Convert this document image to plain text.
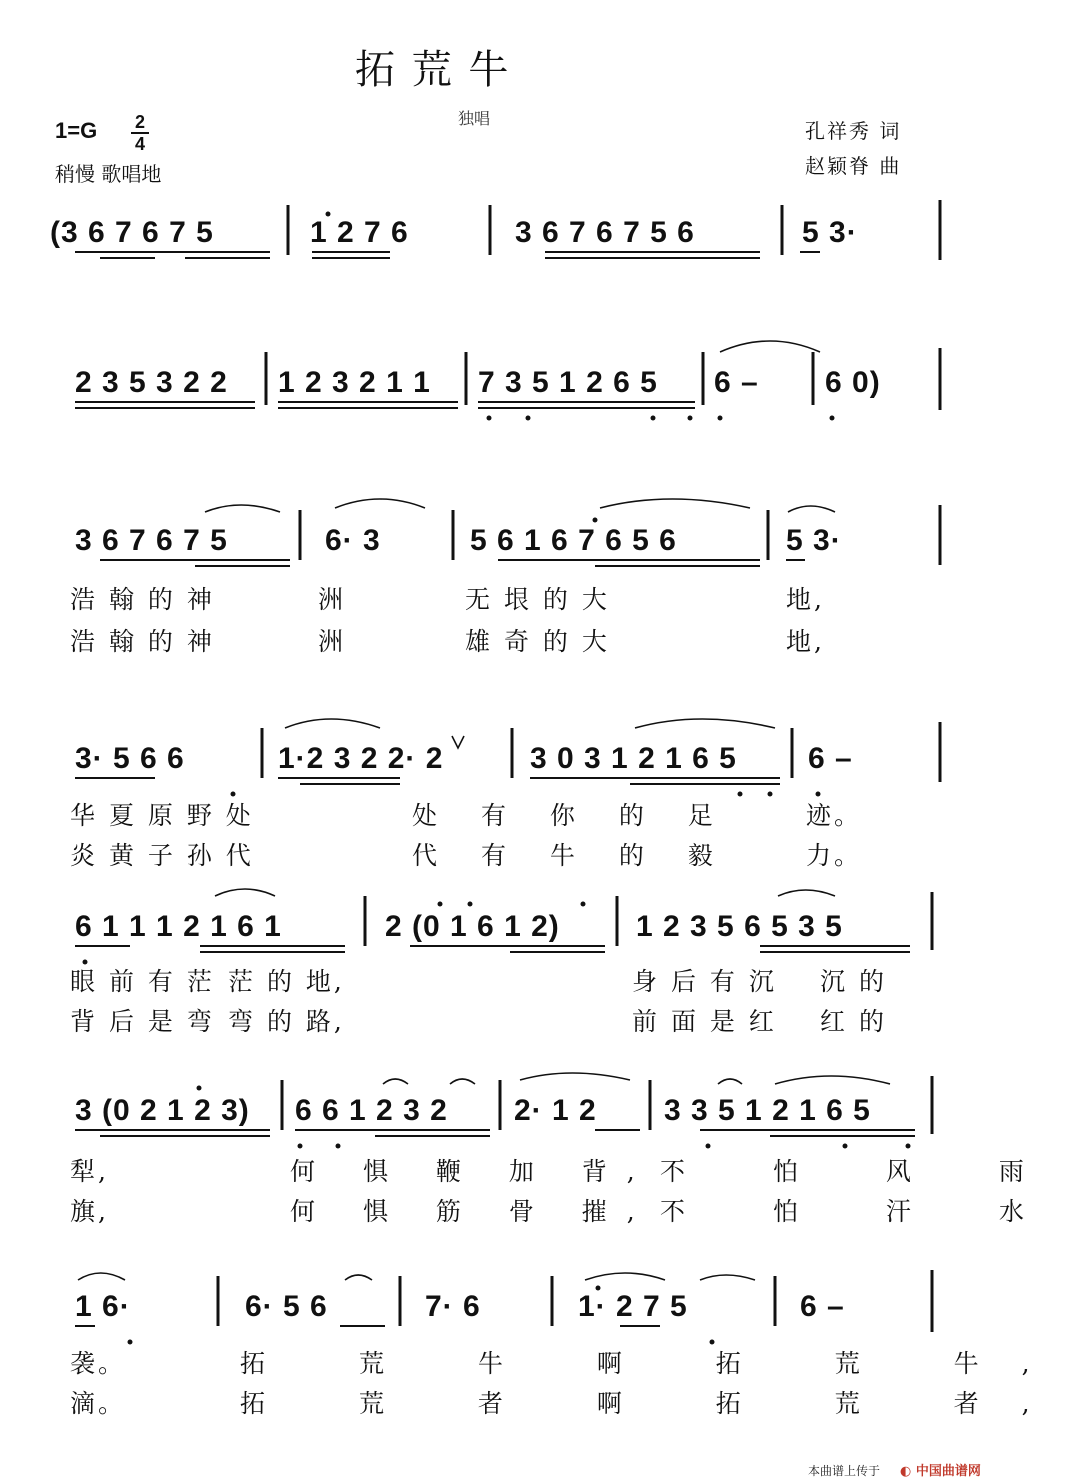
拓 荒 牛
独唱
1=G 2
4
稍慢 歌唱地
孔祥秀 词
赵颖脊 曲
(3 6 7 6 7 5	1 2 7 6	3 6 7 6 7 5 6	5 3·
2 3 5 3 2 2 1 2 3 2 1 1 7 3 5 1 2 6 5 6 – 6 0)
3 6 7 6 7 5	6· 3	5 6 1 6 7 6 5 6	5 3·
浩 翰 的 神	洲	无 垠 的 大	地,
浩 翰 的 神	洲	雄 奇 的 大	地,
3· 5 6 6	1·2 3 2 2· 2	3 0 3 1 2 1 6 5 6 –
华 夏 原 野 处	处 有 你 的 足	迹。
炎 黄 子 孙 代	代 有 牛 的 毅	力。
6 1 1 1 2 1 6 1	2 (0 1 6 1 2)	1 2 3 5 6 5 3 5
眼 前 有 茫 茫 的 地,	身 后 有 沉 沉 的
背 后 是 弯 弯 的 路,	前 面 是 红 红 的
3 (0 2 1 2 3) 6 6 1 2 3 2 2· 1 2 3 3 5 1 2 1 6 5
犁,	何 惧 鞭 加 背, 不 怕 风 雨
旗,	何 惧 筋 骨 摧, 不 怕 汗 水
1 6·	6· 5 6	7· 6	1· 2 7 5	6 –
袭。	拓 荒 牛 啊 拓 荒 牛,
滴。	拓 荒 者 啊 拓 荒 者,
本曲谱上传于 ◐ 中国曲谱网
